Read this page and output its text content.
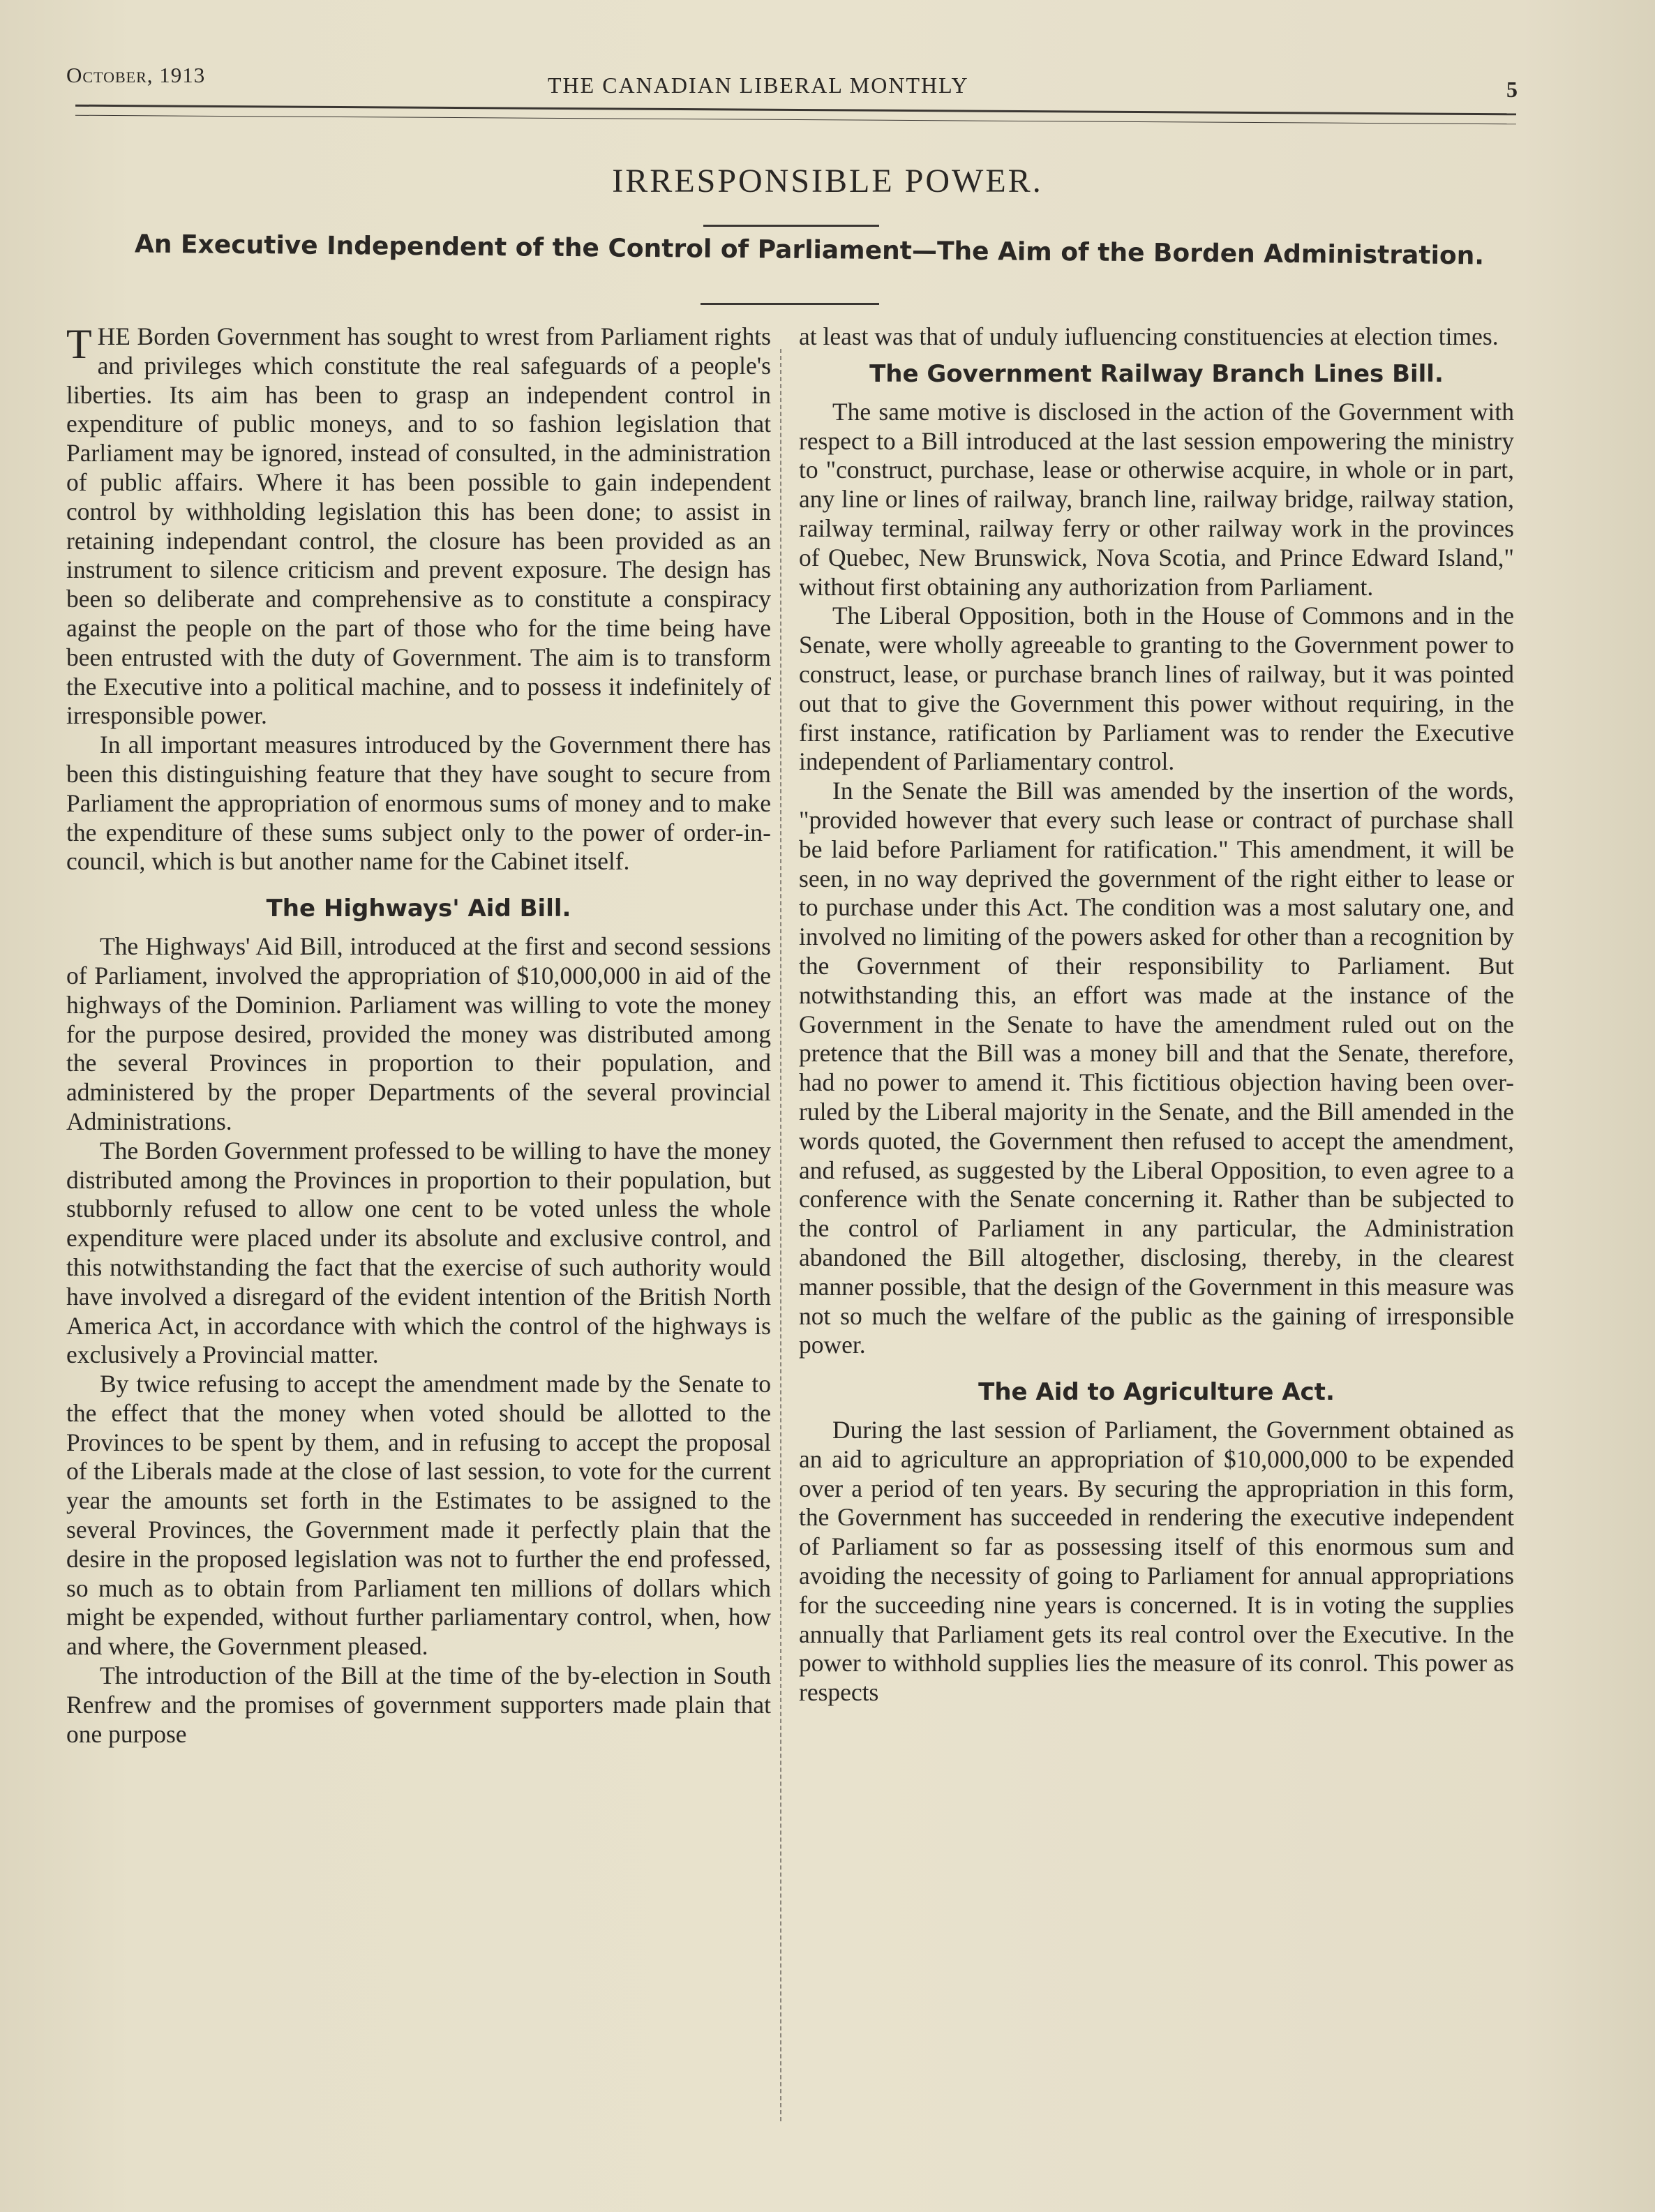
October, 1913	THE CANADIAN LIBERAL MONTHLY	5
IRRESPONSIBLE POWER.
An Executive Independent of the Control of Parliament—The Aim of the Borden Administration.

THE Borden Government has sought to wrest from Parliament rights and privileges which constitute the real safeguards of a people's liberties. Its aim has been to grasp an independent control in expenditure of public moneys, and to so fashion legislation that Parliament may be ignored, instead of consulted, in the administration of public affairs. Where it has been possible to gain independent control by withholding legislation this has been done; to assist in retaining independant control, the closure has been provided as an instrument to silence criticism and prevent exposure. The design has been so deliberate and comprehensive as to constitute a conspiracy against the people on the part of those who for the time being have been entrusted with the duty of Government. The aim is to transform the Executive into a political machine, and to possess it indefinitely of irresponsible power.

In all important measures introduced by the Government there has been this distinguishing feature that they have sought to secure from Parliament the appropriation of enormous sums of money and to make the expenditure of these sums subject only to the power of order-in-council, which is but another name for the Cabinet itself.

The Highways' Aid Bill.

The Highways' Aid Bill, introduced at the first and second sessions of Parliament, involved the appropriation of $10,000,000 in aid of the highways of the Dominion. Parliament was willing to vote the money for the purpose desired, provided the money was distributed among the several Provinces in proportion to their population, and administered by the proper Departments of the several provincial Administrations.

The Borden Government professed to be willing to have the money distributed among the Provinces in proportion to their population, but stubbornly refused to allow one cent to be voted unless the whole expenditure were placed under its absolute and exclusive control, and this notwithstanding the fact that the exercise of such authority would have involved a disregard of the evident intention of the British North America Act, in accordance with which the control of the highways is exclusively a Provincial matter.

By twice refusing to accept the amendment made by the Senate to the effect that the money when voted should be allotted to the Provinces to be spent by them, and in refusing to accept the proposal of the Liberals made at the close of last session, to vote for the current year the amounts set forth in the Estimates to be assigned to the several Provinces, the Government made it perfectly plain that the desire in the proposed legislation was not to further the end professed, so much as to obtain from Parliament ten millions of dollars which might be expended, without further parliamentary control, when, how and where, the Government pleased.

The introduction of the Bill at the time of the by-election in South Renfrew and the promises of government supporters made plain that one purpose

at least was that of unduly iufluencing constituencies at election times.

The Government Railway Branch Lines Bill.

The same motive is disclosed in the action of the Government with respect to a Bill introduced at the last session empowering the ministry to "construct, purchase, lease or otherwise acquire, in whole or in part, any line or lines of railway, branch line, railway bridge, railway station, railway terminal, railway ferry or other railway work in the provinces of Quebec, New Brunswick, Nova Scotia, and Prince Edward Island," without first obtaining any authorization from Parliament.

The Liberal Opposition, both in the House of Commons and in the Senate, were wholly agreeable to granting to the Government power to construct, lease, or purchase branch lines of railway, but it was pointed out that to give the Government this power without requiring, in the first instance, ratification by Parliament was to render the Executive independent of Parliamentary control.

In the Senate the Bill was amended by the insertion of the words, "provided however that every such lease or contract of purchase shall be laid before Parliament for ratification." This amendment, it will be seen, in no way deprived the government of the right either to lease or to purchase under this Act. The condition was a most salutary one, and involved no limiting of the powers asked for other than a recognition by the Government of their responsibility to Parliament. But notwithstanding this, an effort was made at the instance of the Government in the Senate to have the amendment ruled out on the pretence that the Bill was a money bill and that the Senate, therefore, had no power to amend it. This fictitious objection having been over-ruled by the Liberal majority in the Senate, and the Bill amended in the words quoted, the Government then refused to accept the amendment, and refused, as suggested by the Liberal Opposition, to even agree to a conference with the Senate concerning it. Rather than be subjected to the control of Parliament in any particular, the Administration abandoned the Bill altogether, disclosing, thereby, in the clearest manner possible, that the design of the Government in this measure was not so much the welfare of the public as the gaining of irresponsible power.

The Aid to Agriculture Act.

During the last session of Parliament, the Government obtained as an aid to agriculture an appropriation of $10,000,000 to be expended over a period of ten years. By securing the appropriation in this form, the Government has succeeded in rendering the executive independent of Parliament so far as possessing itself of this enormous sum and avoiding the necessity of going to Parliament for annual appropriations for the succeeding nine years is concerned. It is in voting the supplies annually that Parliament gets its real control over the Executive. In the power to withhold supplies lies the measure of its conrol. This power as respects
